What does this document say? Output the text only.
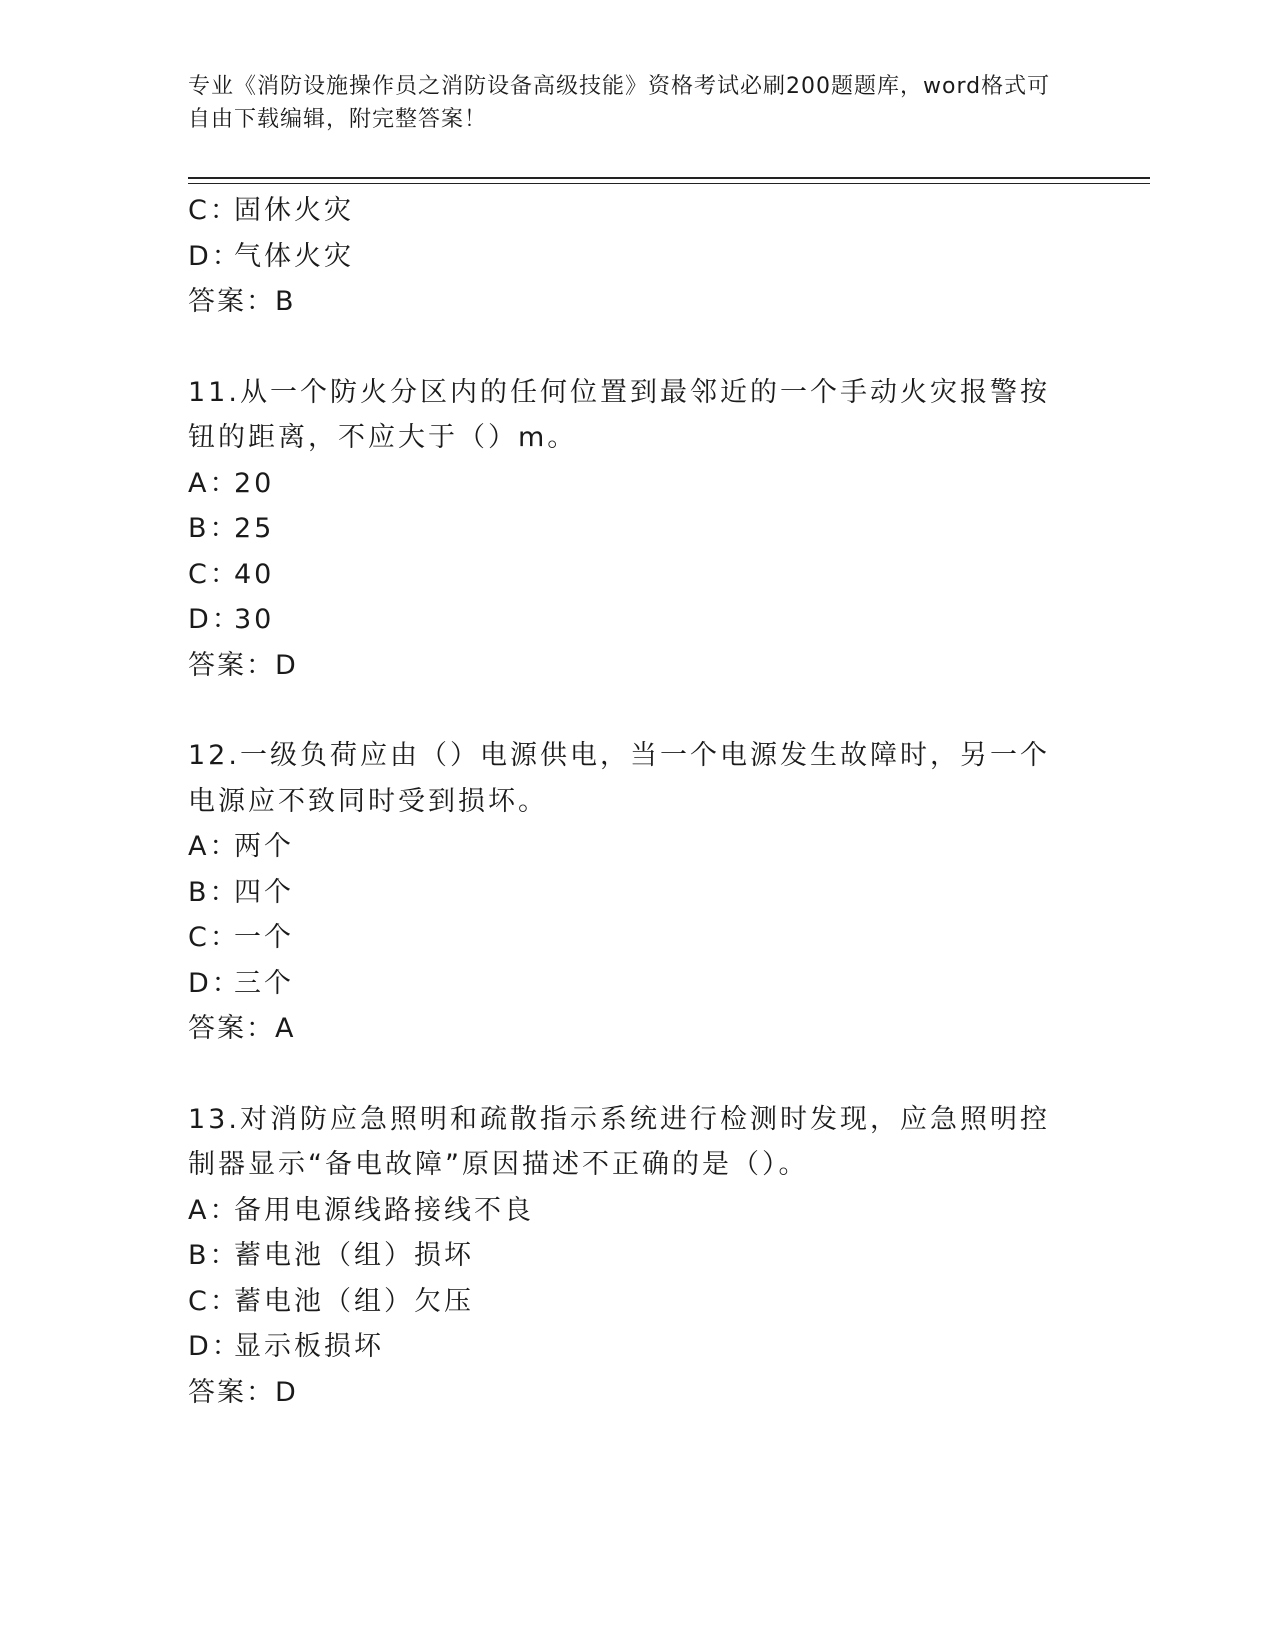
专业《消防设施操作员之消防设备高级技能》资格考试必刷200题题库，word格式可自由下载编辑，附完整答案！
C：固休火灾
D：气体火灾
答案：B
11.从一个防火分区内的任何位置到最邻近的一个手动火灾报警按钮的距离，不应大于（）m。
A：20
B：25
C：40
D：30
答案：D
12.一级负荷应由（）电源供电，当一个电源发生故障时，另一个电源应不致同时受到损坏。
A：两个
B：四个
C：一个
D：三个
答案：A
13.对消防应急照明和疏散指示系统进行检测时发现，应急照明控制器显示“备电故障”原因描述不正确的是（）。
A：备用电源线路接线不良
B：蓄电池（组）损坏
C：蓄电池（组）欠压
D：显示板损坏
答案：D
